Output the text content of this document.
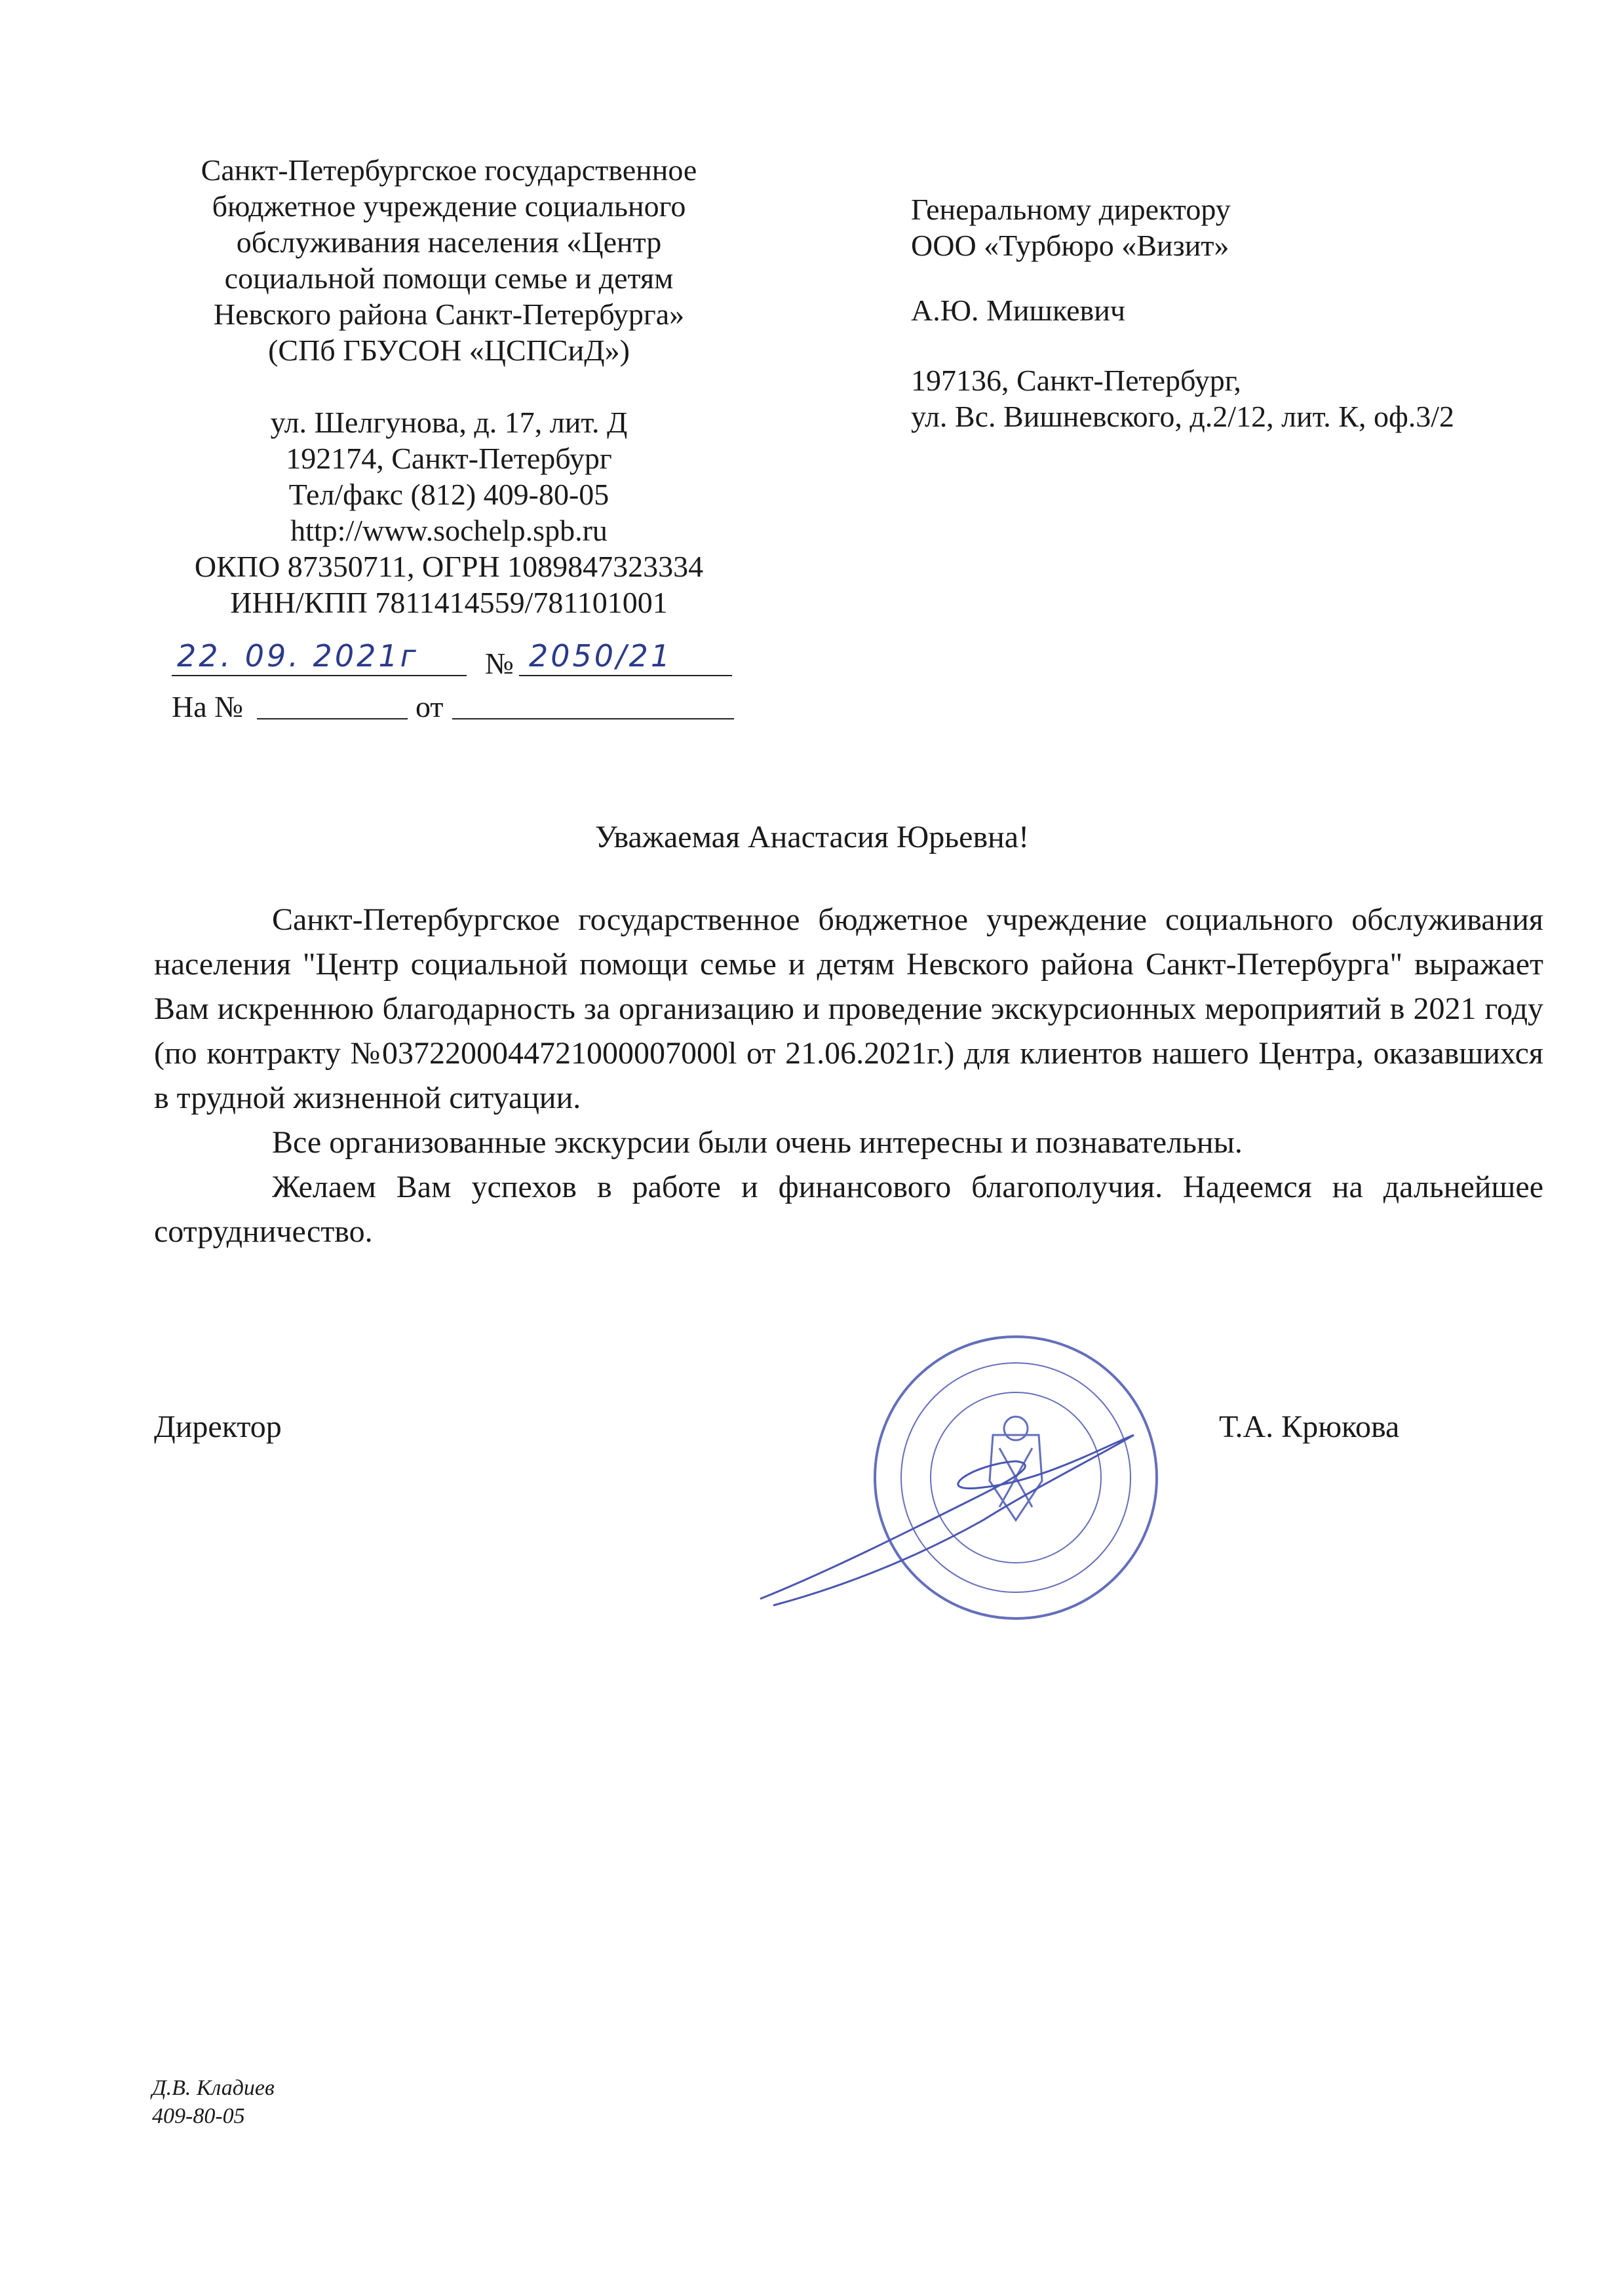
Санкт-Петербургское государственное
бюджетное учреждение социального
обслуживания населения «Центр
социальной помощи семье и детям
Невского района Санкт-Петербурга»
(СПб ГБУСОН «ЦСПСиД»)
ул. Шелгунова, д. 17, лит. Д
192174, Санкт-Петербург
Тел/факс (812) 409-80-05
http://www.sochelp.spb.ru
ОКПО 87350711, ОГРН 1089847323334
ИНН/КПП 7811414559/781101001
22. 09. 2021г № 2050/21
На №	от
Генеральному директору
ООО «Турбюро «Визит»
А.Ю. Мишкевич
197136, Санкт-Петербург,
ул. Вс. Вишневского, д.2/12, лит. К, оф.3/2
Уважаемая Анастасия Юрьевна!

Санкт-Петербургское государственное бюджетное учреждение социального обслуживания населения "Центр социальной помощи семье и детям Невского района Санкт-Петербурга" выражает Вам искреннюю благодарность за организацию и проведение экскурсионных мероприятий в 2021 году (по контракту №0372200044721000007000l от 21.06.2021г.) для клиентов нашего Центра, оказавшихся в трудной жизненной ситуации.

Все организованные экскурсии были очень интересны и познавательны.

Желаем Вам успехов в работе и финансового благополучия. Надеемся на дальнейшее сотрудничество.

Директор	Т.А. Крюкова
Д.В. Кладиев
409-80-05
